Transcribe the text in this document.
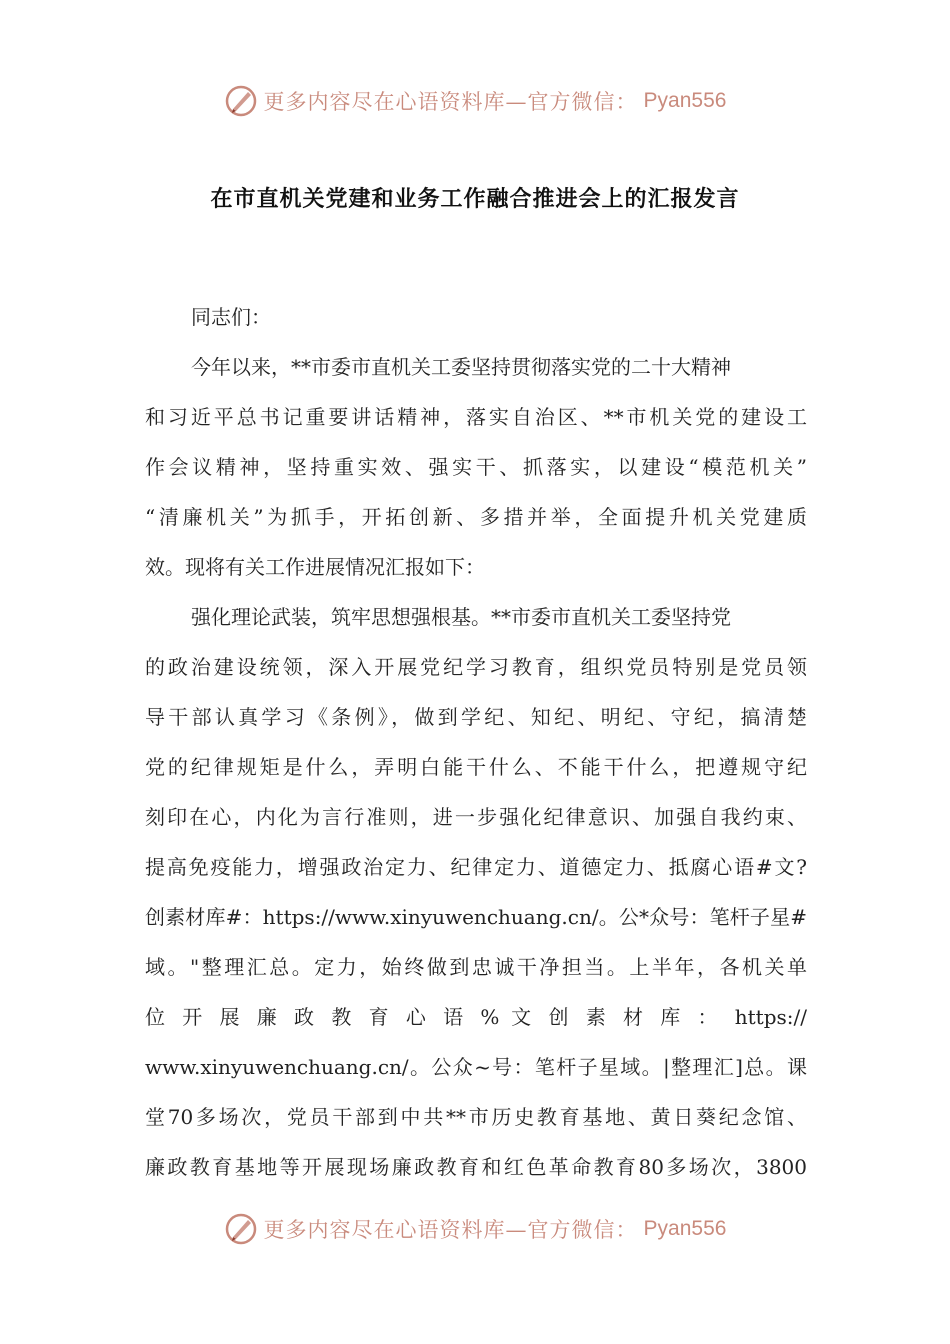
更多内容尽在心语资料库—官方微信： Pyan556
在市直机关党建和业务工作融合推进会上的汇报发言
同志们：
今年以来，**市委市直机关工委坚持贯彻落实党的二十大精神
和习近平总书记重要讲话精神，落实自治区、**市机关党的建设工
作会议精神，坚持重实效、强实干、抓落实，以建设“模范机关”
“清廉机关”为抓手，开拓创新、多措并举，全面提升机关党建质
效。现将有关工作进展情况汇报如下：
强化理论武装，筑牢思想强根基。**市委市直机关工委坚持党
的政治建设统领，深入开展党纪学习教育，组织党员特别是党员领
导干部认真学习《条例》，做到学纪、知纪、明纪、守纪，搞清楚
党的纪律规矩是什么，弄明白能干什么、不能干什么，把遵规守纪
刻印在心，内化为言行准则，进一步强化纪律意识、加强自我约束、
提高免疫能力，增强政治定力、纪律定力、道德定力、抵腐心语#文?
创素材库#：https://www.xinyuwenchuang.cn/。公*众号：笔杆子星#
域。"整理汇总。定力，始终做到忠诚干净担当。上半年，各机关单
位 开 展 廉 政 教 育 心 语 % 文 创 素 材 库 ： https://
www.xinyuwenchuang.cn/。公众~号：笔杆子星域。|整理汇]总。课
堂70多场次，党员干部到中共**市历史教育基地、黄日葵纪念馆、
廉政教育基地等开展现场廉政教育和红色革命教育80多场次，3800
更多内容尽在心语资料库—官方微信： Pyan556
